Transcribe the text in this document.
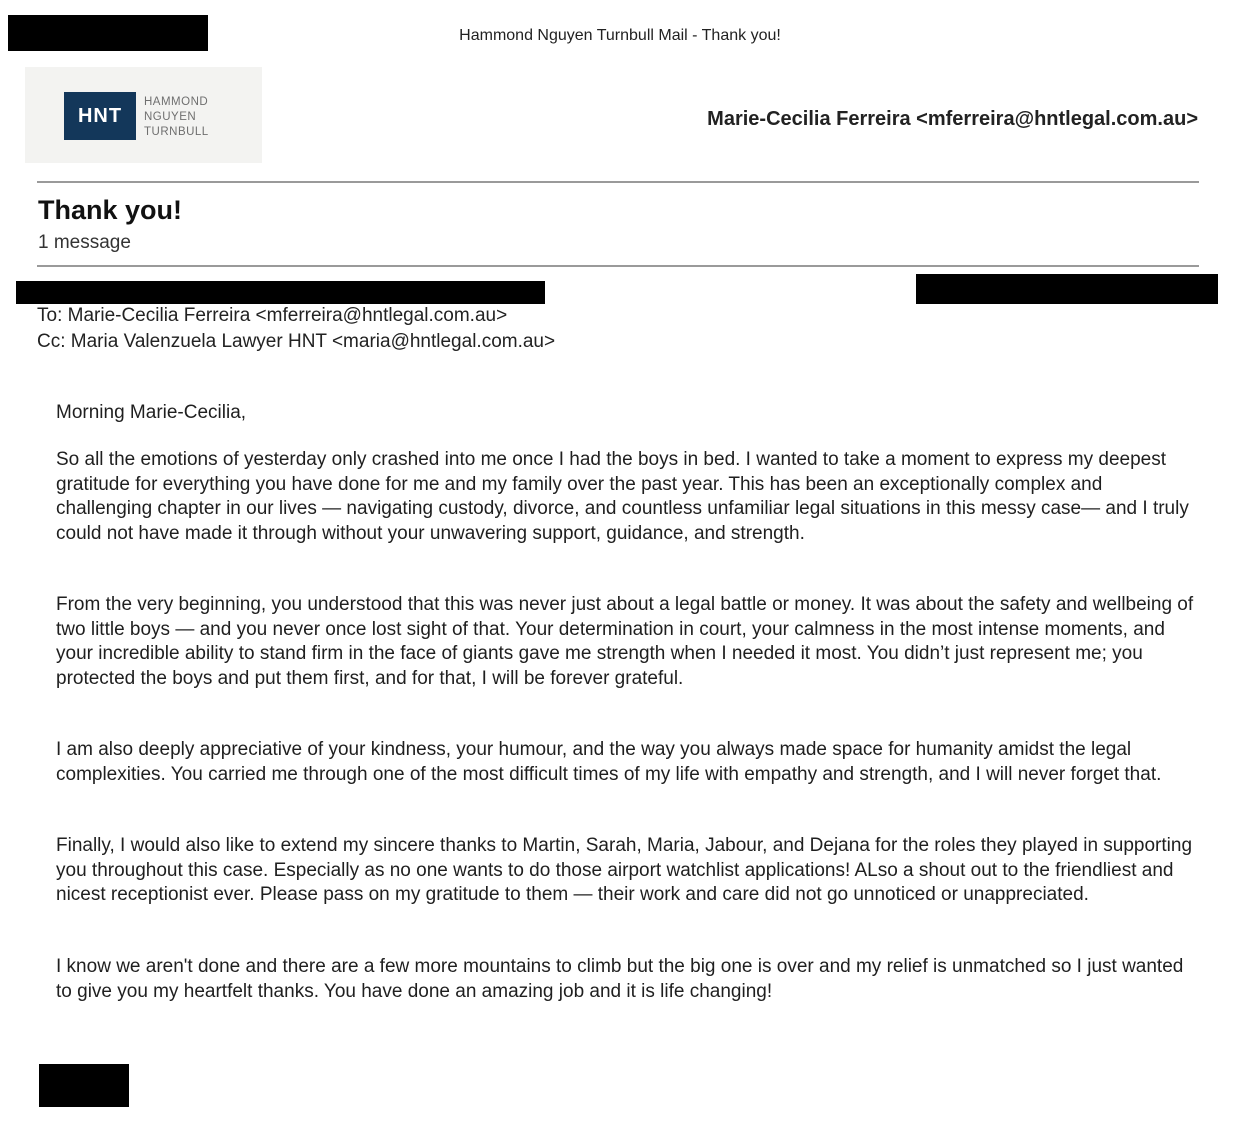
Hammond Nguyen Turnbull Mail - Thank you!
HNT
HAMMOND
NGUYEN
TURNBULL
Marie-Cecilia Ferreira <mferreira@hntlegal.com.au>
Thank you!
1 message
To: Marie-Cecilia Ferreira <mferreira@hntlegal.com.au>
Cc: Maria Valenzuela Lawyer HNT <maria@hntlegal.com.au>

Morning Marie-Cecilia,

So all the emotions of yesterday only crashed into me once I had the boys in bed. I wanted to take a moment to express my deepest gratitude for everything you have done for me and my family over the past year. This has been an exceptionally complex and challenging chapter in our lives — navigating custody, divorce, and countless unfamiliar legal situations in this messy case— and I truly could not have made it through without your unwavering support, guidance, and strength.

From the very beginning, you understood that this was never just about a legal battle or money. It was about the safety and wellbeing of two little boys — and you never once lost sight of that. Your determination in court, your calmness in the most intense moments, and your incredible ability to stand firm in the face of giants gave me strength when I needed it most. You didn’t just represent me; you protected the boys and put them first, and for that, I will be forever grateful.

I am also deeply appreciative of your kindness, your humour, and the way you always made space for humanity amidst the legal complexities. You carried me through one of the most difficult times of my life with empathy and strength, and I will never forget that.

Finally, I would also like to extend my sincere thanks to Martin, Sarah, Maria, Jabour, and Dejana for the roles they played in supporting you throughout this case. Especially as no one wants to do those airport watchlist applications! ALso a shout out to the friendliest and nicest receptionist ever. Please pass on my gratitude to them — their work and care did not go unnoticed or unappreciated.

I know we aren't done and there are a few more mountains to climb but the big one is over and my relief is unmatched so I just wanted to give you my heartfelt thanks. You have done an amazing job and it is life changing!
